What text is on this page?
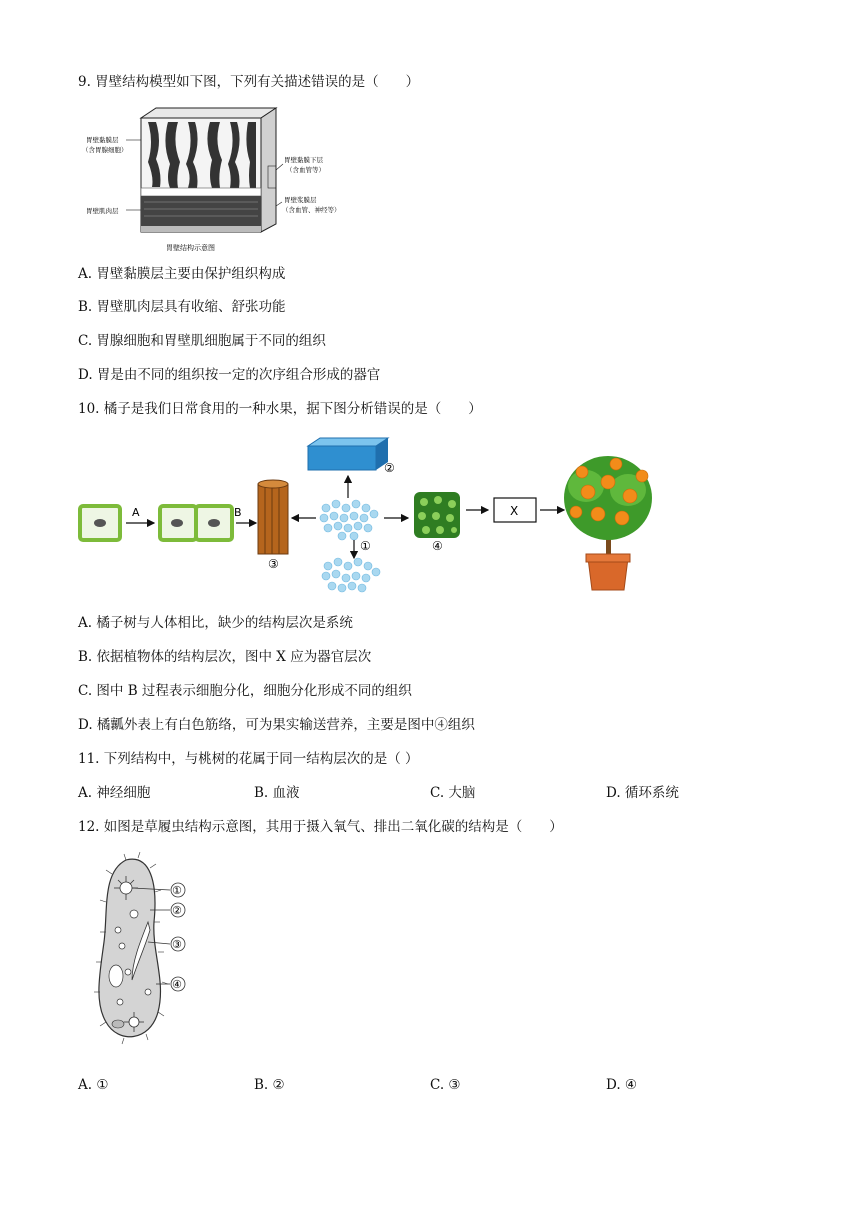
9. 胃壁结构模型如下图，下列有关描述错误的是（　　）
胃壁黏膜层
（含胃腺细胞）
胃壁肌肉层
胃壁黏膜下层
（含血管等）
胃壁浆膜层
（含血管、神经等）
胃壁结构示意图
A. 胃壁黏膜层主要由保护组织构成
B. 胃壁肌肉层具有收缩、舒张功能
C. 胃腺细胞和胃壁肌细胞属于不同的组织
D. 胃是由不同的组织按一定的次序组合形成的器官
10. 橘子是我们日常食用的一种水果，据下图分析错误的是（　　）
A	B
③
②
①	④
X
A. 橘子树与人体相比，缺少的结构层次是系统
B. 依据植物体的结构层次，图中 X 应为器官层次
C. 图中 B 过程表示细胞分化，细胞分化形成不同的组织
D. 橘瓤外表上有白色筋络，可为果实输送营养，主要是图中④组织
11. 下列结构中，与桃树的花属于同一结构层次的是（ ）
A. 神经细胞	B. 血液	C. 大脑	D. 循环系统
12. 如图是草履虫结构示意图，其用于摄入氧气、排出二氧化碳的结构是（　　）
①
②
③
④
A. ①	B. ②	C. ③	D. ④
